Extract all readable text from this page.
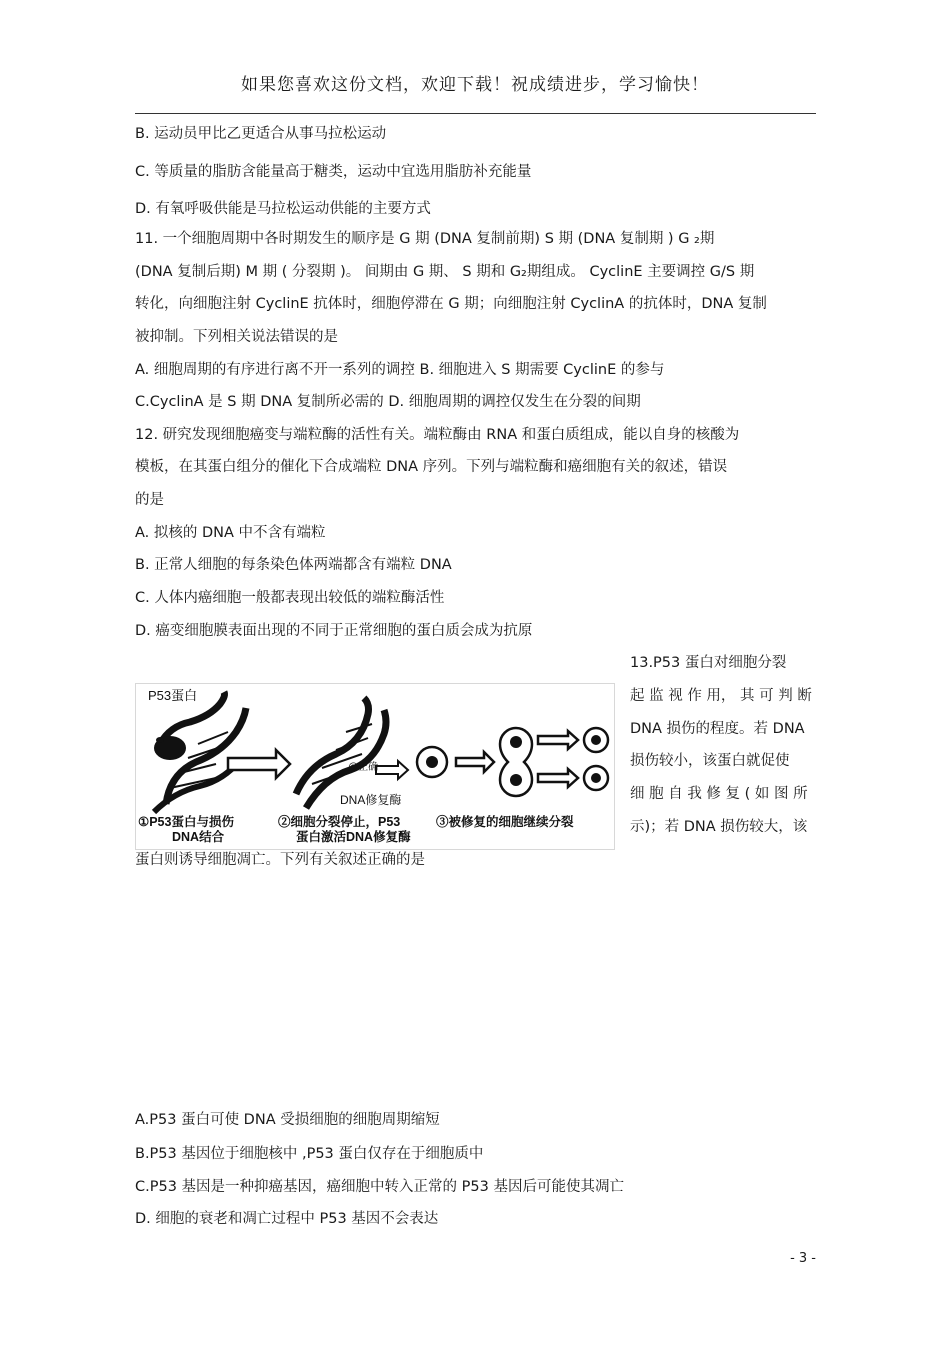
如果您喜欢这份文档，欢迎下载！祝成绩进步，学习愉快！
B. 运动员甲比乙更适合从事马拉松运动
C. 等质量的脂肪含能量高于糖类，运动中宜选用脂肪补充能量
D. 有氧呼吸供能是马拉松运动供能的主要方式
11. 一个细胞周期中各时期发生的顺序是 G 期 (DNA 复制前期) S 期 (DNA 复制期 ) G ₂期
(DNA 复制后期) M 期 ( 分裂期 )。 间期由 G 期、 S 期和 G₂期组成。 CyclinE 主要调控 G/S 期
转化，向细胞注射 CyclinE 抗体时，细胞停滞在 G 期；向细胞注射 CyclinA 的抗体时，DNA 复制
被抑制。下列相关说法错误的是
A. 细胞周期的有序进行离不开一系列的调控 B. 细胞进入 S 期需要 CyclinE 的参与
C.CyclinA 是 S 期 DNA 复制所必需的 D. 细胞周期的调控仅发生在分裂的间期
12. 研究发现细胞癌变与端粒酶的活性有关。端粒酶由 RNA 和蛋白质组成，能以自身的核酸为
模板，在其蛋白组分的催化下合成端粒 DNA 序列。下列与端粒酶和癌细胞有关的叙述，错误
的是
A. 拟核的 DNA 中不含有端粒
B. 正常人细胞的每条染色体两端都含有端粒 DNA
C. 人体内癌细胞一般都表现出较低的端粒酶活性
D. 癌变细胞膜表面出现的不同于正常细胞的蛋白质会成为抗原
蛋白则诱导细胞凋亡。下列有关叙述正确的是
A.P53 蛋白可使 DNA 受损细胞的细胞周期缩短
B.P53 基因位于细胞核中 ,P53 蛋白仅存在于细胞质中
C.P53 基因是一种抑癌基因，癌细胞中转入正常的 P53 基因后可能使其凋亡
D. 细胞的衰老和凋亡过程中 P53 基因不会表达
13.P53 蛋白对细胞分裂
起 监 视 作 用， 其 可 判 断
DNA 损伤的程度。若 DNA
损伤较小，该蛋白就促使
细 胞 自 我 修 复 ( 如 图 所
示)；若 DNA 损伤较大，该
P53蛋白
DNA修复酶
@正确
①P53蛋白与损伤
DNA结合
②细胞分裂停止，P53
蛋白激活DNA修复酶
③被修复的细胞继续分裂
- 3 -
